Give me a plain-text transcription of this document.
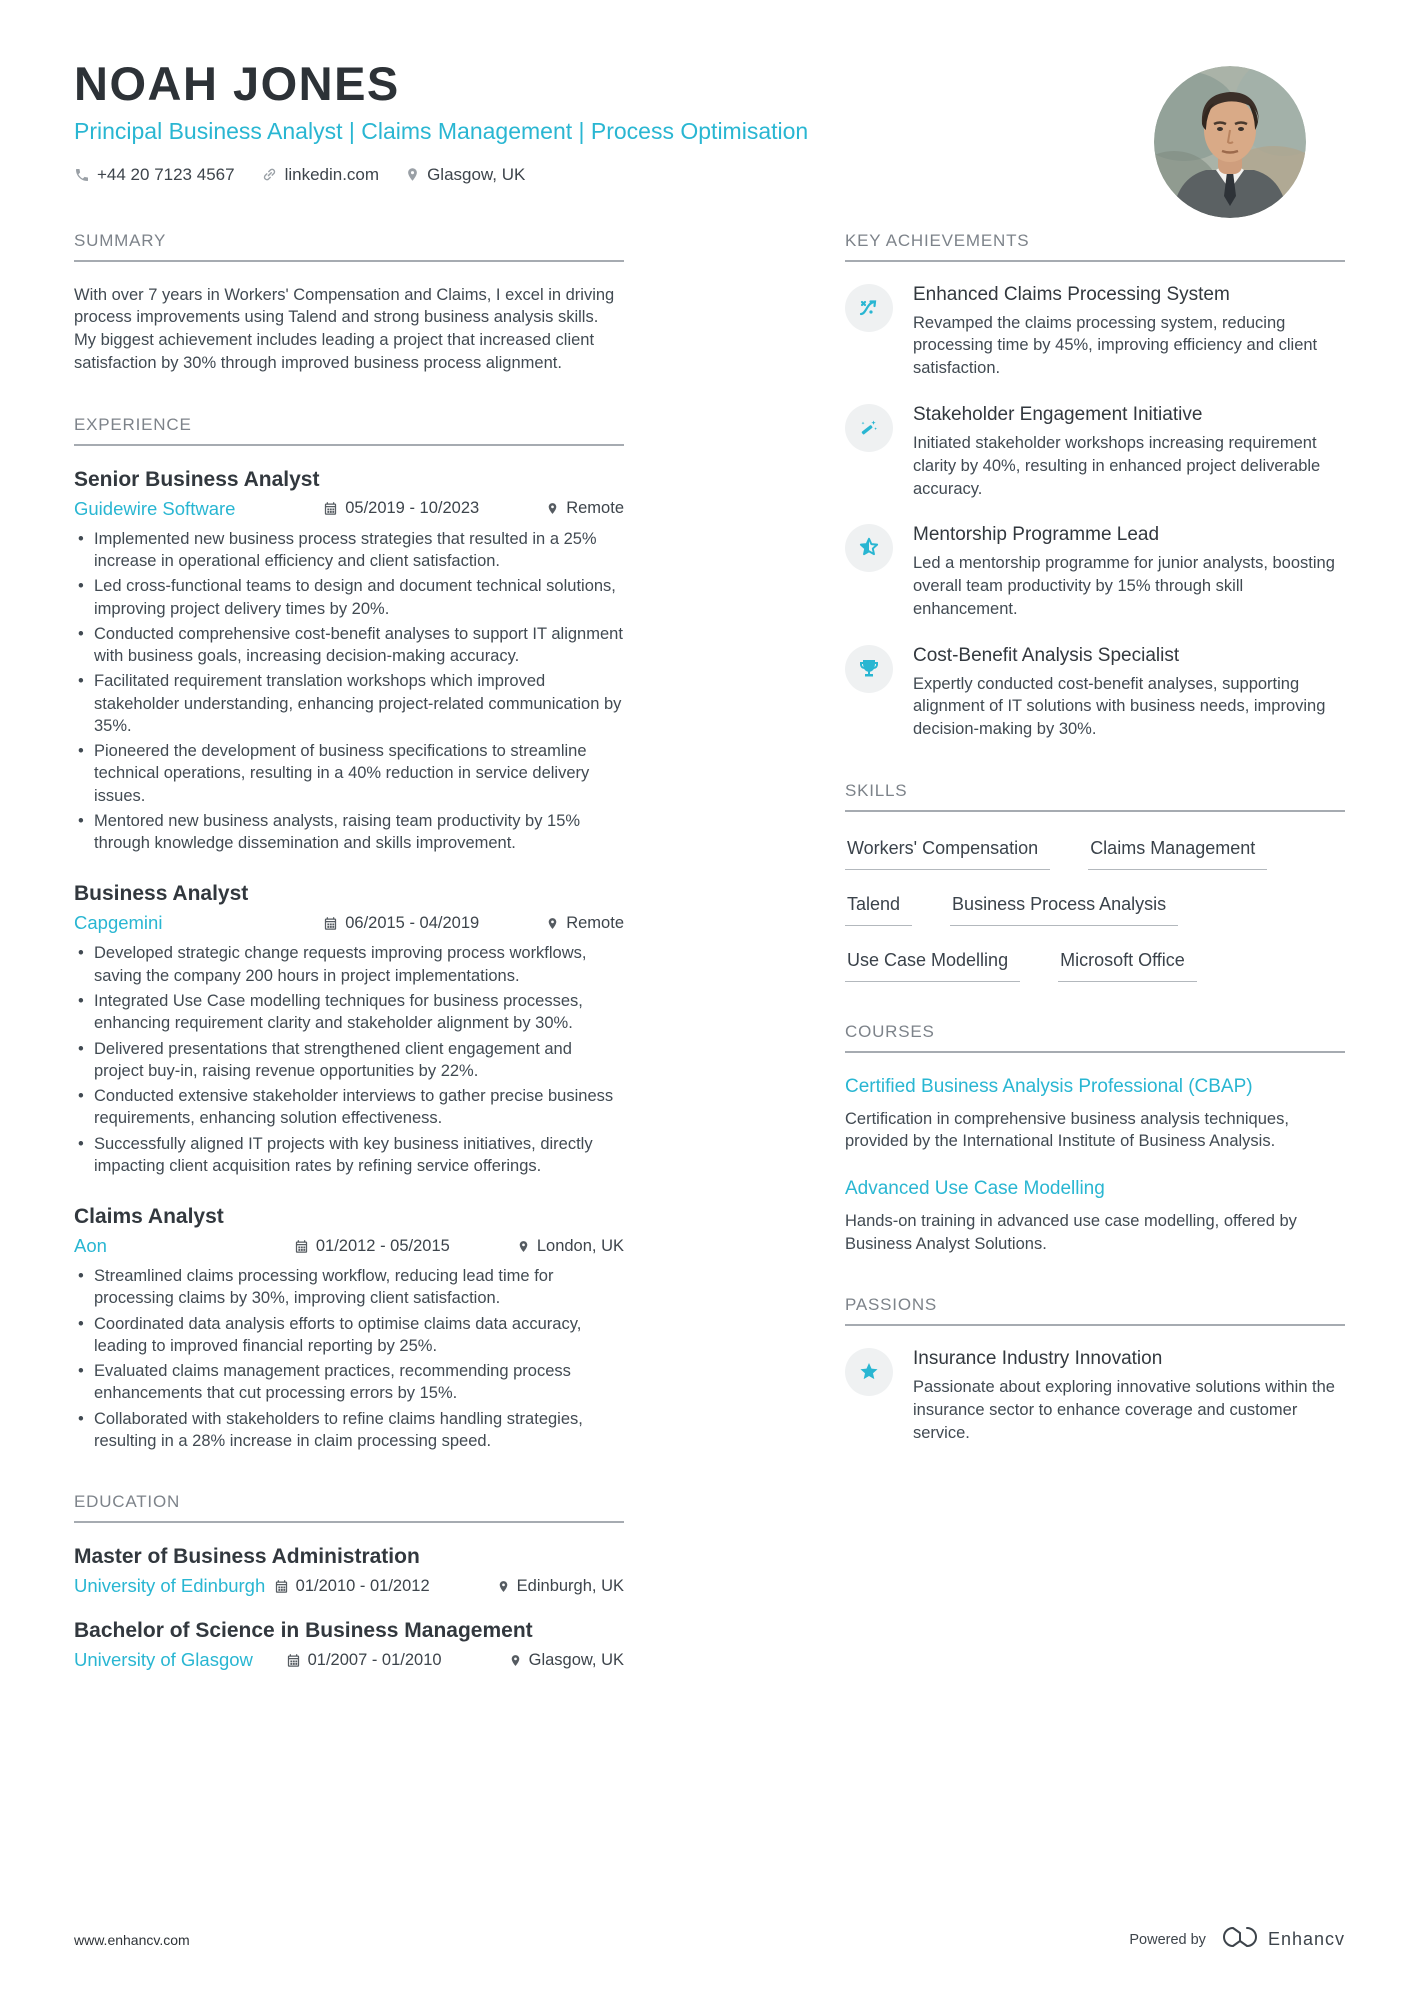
NOAH JONES
Principal Business Analyst | Claims Management | Process Optimisation
+44 20 7123 4567	linkedin.com	Glasgow, UK
SUMMARY
With over 7 years in Workers' Compensation and Claims, I excel in driving process improvements using Talend and strong business analysis skills. My biggest achievement includes leading a project that increased client satisfaction by 30% through improved business process alignment.
EXPERIENCE
Senior Business Analyst
Guidewire Software	05/2019 - 10/2023	Remote
• Implemented new business process strategies that resulted in a 25% increase in operational efficiency and client satisfaction.
• Led cross-functional teams to design and document technical solutions, improving project delivery times by 20%.
• Conducted comprehensive cost-benefit analyses to support IT alignment with business goals, increasing decision-making accuracy.
• Facilitated requirement translation workshops which improved stakeholder understanding, enhancing project-related communication by 35%.
• Pioneered the development of business specifications to streamline technical operations, resulting in a 40% reduction in service delivery issues.
• Mentored new business analysts, raising team productivity by 15% through knowledge dissemination and skills improvement.
Business Analyst
Capgemini	06/2015 - 04/2019	Remote
• Developed strategic change requests improving process workflows, saving the company 200 hours in project implementations.
• Integrated Use Case modelling techniques for business processes, enhancing requirement clarity and stakeholder alignment by 30%.
• Delivered presentations that strengthened client engagement and project buy-in, raising revenue opportunities by 22%.
• Conducted extensive stakeholder interviews to gather precise business requirements, enhancing solution effectiveness.
• Successfully aligned IT projects with key business initiatives, directly impacting client acquisition rates by refining service offerings.
Claims Analyst
Aon	01/2012 - 05/2015	London, UK
• Streamlined claims processing workflow, reducing lead time for processing claims by 30%, improving client satisfaction.
• Coordinated data analysis efforts to optimise claims data accuracy, leading to improved financial reporting by 25%.
• Evaluated claims management practices, recommending process enhancements that cut processing errors by 15%.
• Collaborated with stakeholders to refine claims handling strategies, resulting in a 28% increase in claim processing speed.
EDUCATION
Master of Business Administration
University of Edinburgh	01/2010 - 01/2012	Edinburgh, UK
Bachelor of Science in Business Management
University of Glasgow	01/2007 - 01/2010	Glasgow, UK
KEY ACHIEVEMENTS
Enhanced Claims Processing System
Revamped the claims processing system, reducing processing time by 45%, improving efficiency and client satisfaction.
Stakeholder Engagement Initiative
Initiated stakeholder workshops increasing requirement clarity by 40%, resulting in enhanced project deliverable accuracy.
Mentorship Programme Lead
Led a mentorship programme for junior analysts, boosting overall team productivity by 15% through skill enhancement.
Cost-Benefit Analysis Specialist
Expertly conducted cost-benefit analyses, supporting alignment of IT solutions with business needs, improving decision-making by 30%.
SKILLS
Workers' Compensation	Claims Management
Talend	Business Process Analysis
Use Case Modelling	Microsoft Office
COURSES
Certified Business Analysis Professional (CBAP)
Certification in comprehensive business analysis techniques, provided by the International Institute of Business Analysis.
Advanced Use Case Modelling
Hands-on training in advanced use case modelling, offered by Business Analyst Solutions.
PASSIONS
Insurance Industry Innovation
Passionate about exploring innovative solutions within the insurance sector to enhance coverage and customer service.
www.enhancv.com	Powered by	Enhancv
